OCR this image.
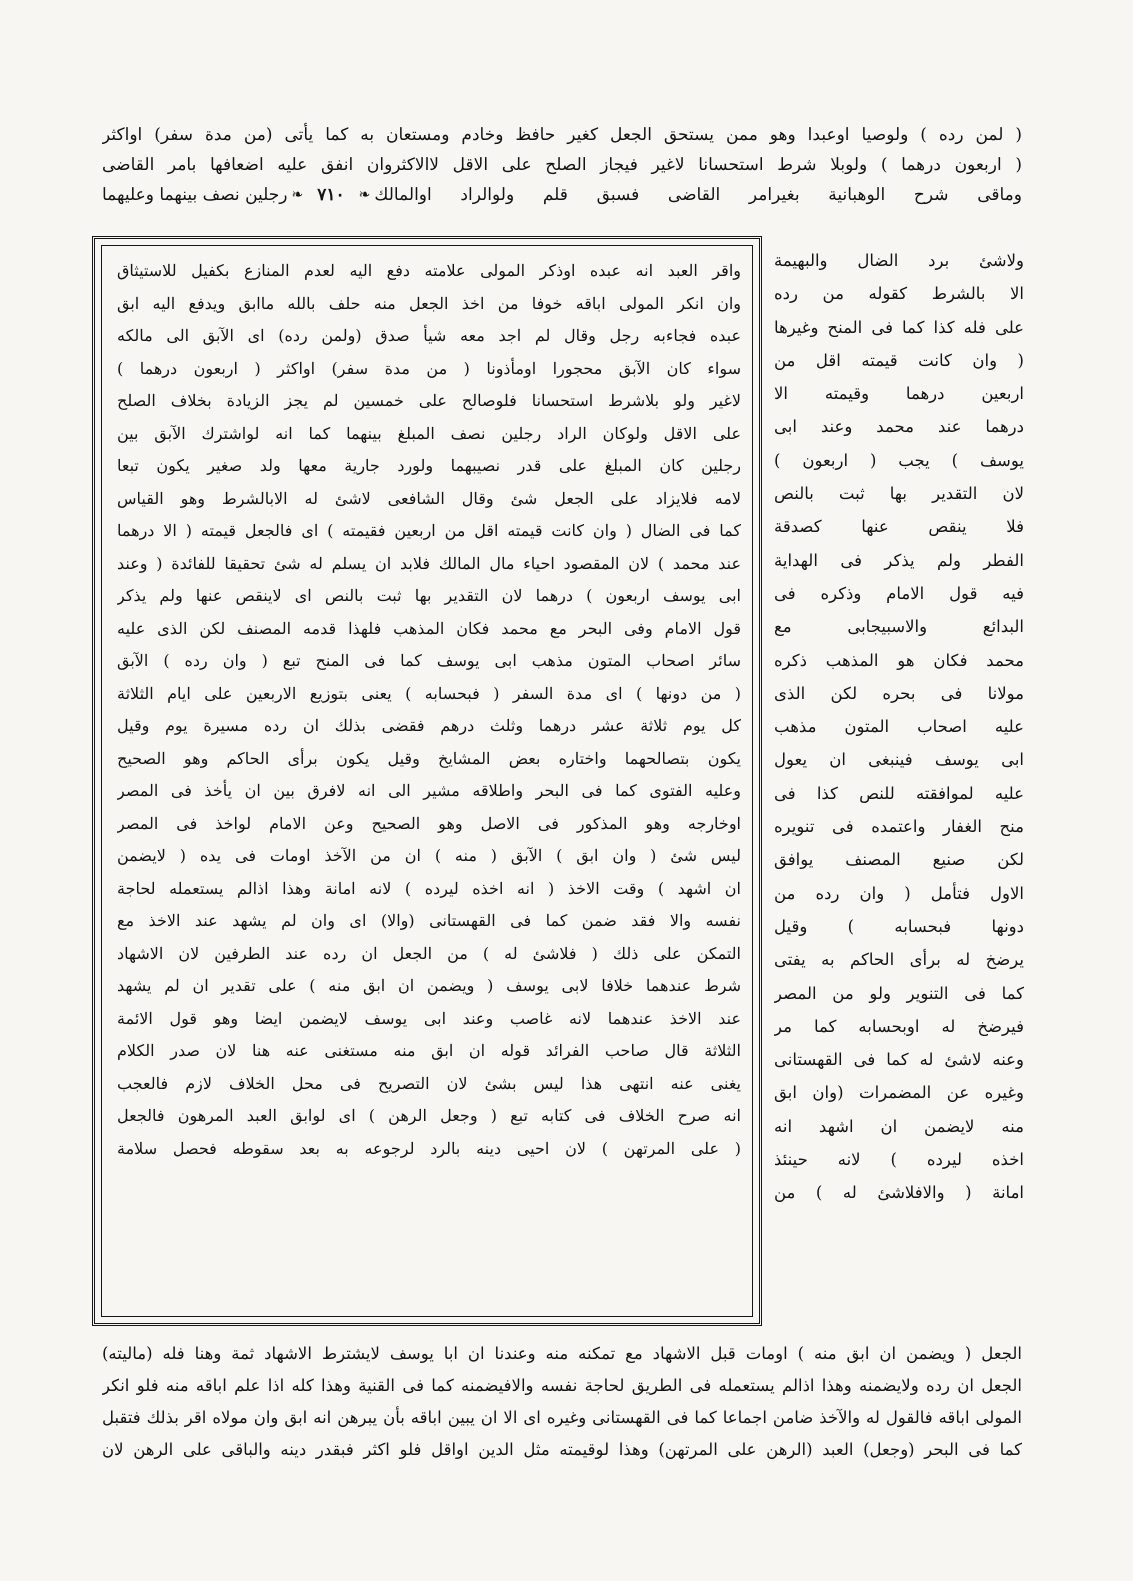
( لمن رده ) ولوصيا اوعبدا وهو ممن يستحق الجعل كغير حافظ وخادم ومستعان به كما يأتى (من مدة سفر) اواكثر
( اربعون درهما ) ولوبلا شرط استحسانا لاغير فيجاز الصلح على الاقل لاالاكثروان انفق عليه اضعافها بامر القاضى
وماقى شرح الوهبانية بغيرامر القاضى فسبق قلم ولوالراد اوالمالك
❧
٧١٠
❧
رجلين نصف بينهما وعليهما
واقر العبد انه عبده اوذكر المولى علامته دفع اليه لعدم المنازع بكفيل للاستيثاق
وان انكر المولى اباقه خوفا من اخذ الجعل منه حلف بالله ماابق ويدفع اليه ابق
عبده فجاءبه رجل وقال لم اجد معه شيأ صدق (ولمن رده) اى الآبق الى مالكه
سواء كان الآبق محجورا اومأذونا ( من مدة سفر) اواكثر ( اربعون درهما )
لاغير ولو بلاشرط استحسانا فلوصالح على خمسين لم يجز الزيادة بخلاف الصلح
على الاقل ولوكان الراد رجلين نصف المبلغ بينهما كما انه لواشترك الآبق بين
رجلين كان المبلغ على قدر نصيبهما ولورد جارية معها ولد صغير يكون تبعا
لامه فلايزاد على الجعل شئ وقال الشافعى لاشئ له الابالشرط وهو القياس
كما فى الضال ( وان كانت قيمته اقل من اربعين فقيمته ) اى فالجعل قيمته ( الا درهما
عند محمد ) لان المقصود احياء مال المالك فلابد ان يسلم له شئ تحقيقا للفائدة ( وعند
ابى يوسف اربعون ) درهما لان التقدير بها ثبت بالنص اى لاينقص عنها ولم يذكر
قول الامام وفى البحر مع محمد فكان المذهب فلهذا قدمه المصنف لكن الذى عليه
سائر اصحاب المتون مذهب ابى يوسف كما فى المنح تبع ( وان رده ) الآبق
( من دونها ) اى مدة السفر ( فبحسابه ) يعنى بتوزيع الاربعين على ايام الثلاثة
كل يوم ثلاثة عشر درهما وثلث درهم فقضى بذلك ان رده مسيرة يوم وقيل
يكون بتصالحهما واختاره بعض المشايخ وقيل يكون برأى الحاكم وهو الصحيح
وعليه الفتوى كما فى البحر واطلاقه مشير الى انه لافرق بين ان يأخذ فى المصر
اوخارجه وهو المذكور فى الاصل وهو الصحيح وعن الامام لواخذ فى المصر
ليس شئ ( وان ابق ) الآبق ( منه ) ان من الآخذ اومات فى يده ( لايضمن
ان اشهد ) وقت الاخذ ( انه اخذه ليرده ) لانه امانة وهذا اذالم يستعمله لحاجة
نفسه والا فقد ضمن كما فى القهستانى (والا) اى وان لم يشهد عند الاخذ مع
التمكن على ذلك ( فلاشئ له ) من الجعل ان رده عند الطرفين لان الاشهاد
شرط عندهما خلافا لابى يوسف ( ويضمن ان ابق منه ) على تقدير ان لم يشهد
عند الاخذ عندهما لانه غاصب وعند ابى يوسف لايضمن ايضا وهو قول الائمة
الثلاثة قال صاحب الفرائد قوله ان ابق منه مستغنى عنه هنا لان صدر الكلام
يغنى عنه انتهى هذا ليس بشئ لان التصريح فى محل الخلاف لازم فالعجب
انه صرح الخلاف فى كتابه تبع ( وجعل الرهن ) اى لوابق العبد المرهون فالجعل
( على المرتهن ) لان احيى دينه بالرد لرجوعه به بعد سقوطه فحصل سلامة
ولاشئ برد الضال والبهيمة
الا بالشرط كقوله من رده
على فله كذا كما فى المنح وغيرها
( وان كانت قيمته اقل من
اربعين درهما وقيمته الا
درهما عند محمد وعند ابى
يوسف ) يجب ( اربعون )
لان التقدير بها ثبت بالنص
فلا ينقص عنها كصدقة
الفطر ولم يذكر فى الهداية
فيه قول الامام وذكره فى
البدائع والاسبيجابى مع
محمد فكان هو المذهب ذكره
مولانا فى بحره لكن الذى
عليه اصحاب المتون مذهب
ابى يوسف فينبغى ان يعول
عليه لموافقته للنص كذا فى
منح الغفار واعتمده فى تنويره
لكن صنيع المصنف يوافق
الاول فتأمل ( وان رده من
دونها فبحسابه ) وقيل
يرضخ له برأى الحاكم به يفتى
كما فى التنوير ولو من المصر
فيرضخ له اوبحسابه كما مر
وعنه لاشئ له كما فى القهستانى
وغيره عن المضمرات (وان ابق
منه لايضمن ان اشهد انه
اخذه ليرده ) لانه حينئذ
امانة ( والافلاشئ له ) من
الجعل ( ويضمن ان ابق منه ) اومات قبل الاشهاد مع تمكنه منه وعندنا ان ابا يوسف لايشترط الاشهاد ثمة وهنا فله (ماليته)
الجعل ان رده ولايضمنه وهذا اذالم يستعمله فى الطريق لحاجة نفسه والافيضمنه كما فى القنية وهذا كله اذا علم اباقه منه فلو انكر
المولى اباقه فالقول له والآخذ ضامن اجماعا كما فى القهستانى وغيره اى الا ان يبين اباقه بأن يبرهن انه ابق وان مولاه اقر بذلك فتقبل
كما فى البحر (وجعل) العبد (الرهن على المرتهن) وهذا لوقيمته مثل الدين اواقل فلو اكثر فبقدر دينه والباقى على الرهن لان
